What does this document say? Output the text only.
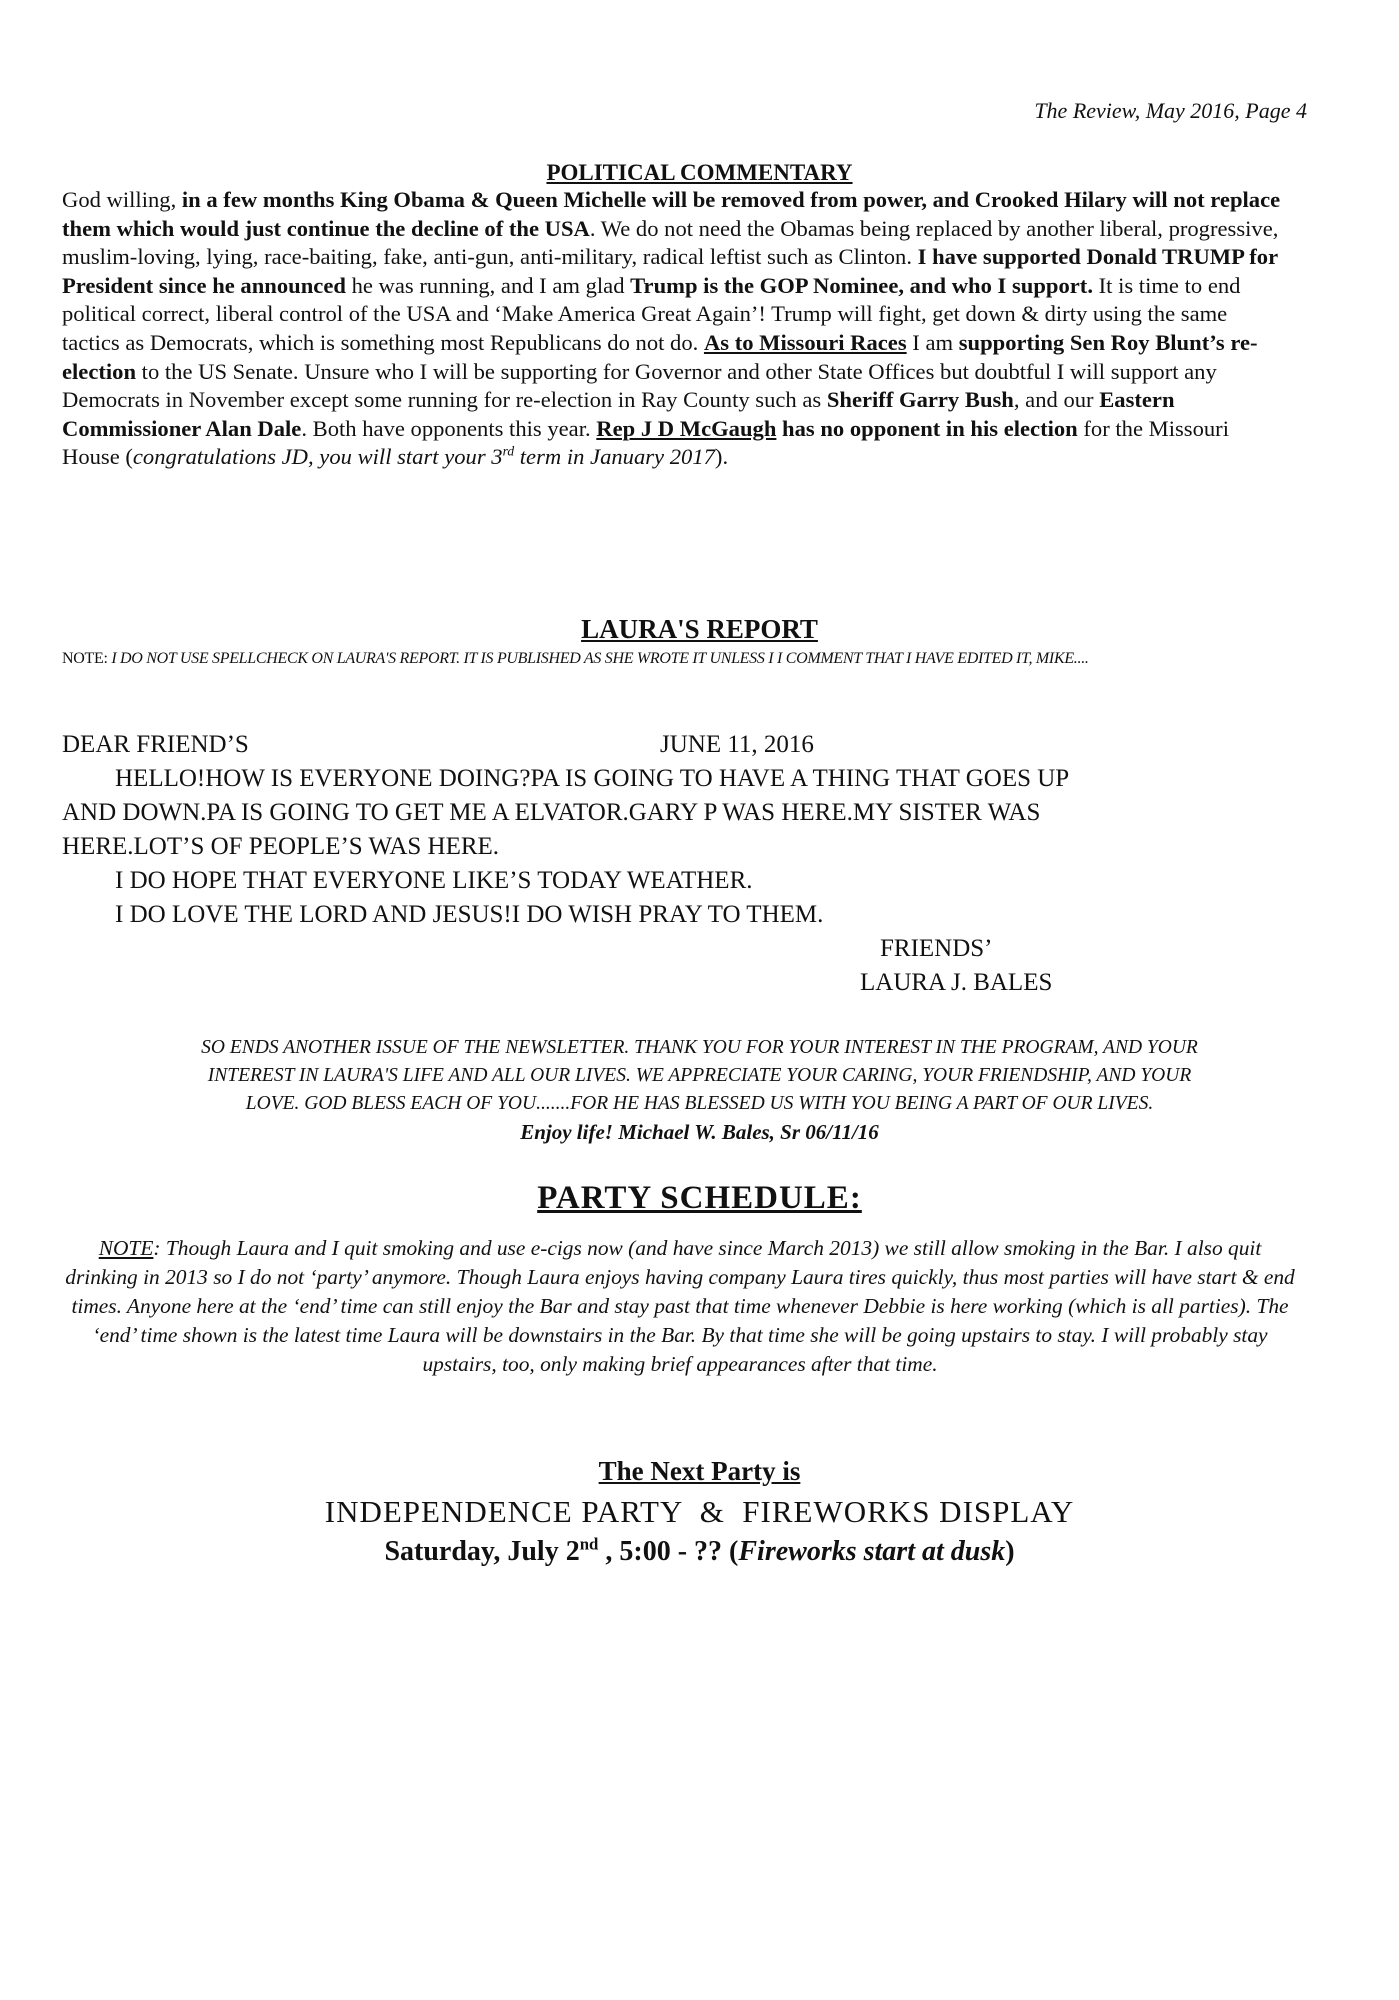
The Review, May 2016, Page 4
POLITICAL COMMENTARY
God willing, in a few months King Obama & Queen Michelle will be removed from power, and Crooked Hilary will not replace them which would just continue the decline of the USA. We do not need the Obamas being replaced by another liberal, progressive, muslim-loving, lying, race-baiting, fake, anti-gun, anti-military, radical leftist such as Clinton. I have supported Donald TRUMP for President since he announced he was running, and I am glad Trump is the GOP Nominee, and who I support. It is time to end political correct, liberal control of the USA and ‘Make America Great Again’! Trump will fight, get down & dirty using the same tactics as Democrats, which is something most Republicans do not do. As to Missouri Races I am supporting Sen Roy Blunt’s re-election to the US Senate. Unsure who I will be supporting for Governor and other State Offices but doubtful I will support any Democrats in November except some running for re-election in Ray County such as Sheriff Garry Bush, and our Eastern Commissioner Alan Dale. Both have opponents this year. Rep J D McGaugh has no opponent in his election for the Missouri House (congratulations JD, you will start your 3rd term in January 2017).
LAURA'S REPORT
NOTE: I DO NOT USE SPELLCHECK ON LAURA'S REPORT. IT IS PUBLISHED AS SHE WROTE IT UNLESS I I COMMENT THAT I HAVE EDITED IT, MIKE....
DEAR FRIEND’S	JUNE 11, 2016
HELLO!HOW IS EVERYONE DOING?PA IS GOING TO HAVE A THING THAT GOES UP
AND DOWN.PA IS GOING TO GET ME A ELVATOR.GARY P WAS HERE.MY SISTER WAS
HERE.LOT’S OF PEOPLE’S WAS HERE.
I DO HOPE THAT EVERYONE LIKE’S TODAY WEATHER.
I DO LOVE THE LORD AND JESUS!I DO WISH PRAY TO THEM.
FRIENDS’
LAURA J. BALES
SO ENDS ANOTHER ISSUE OF THE NEWSLETTER. THANK YOU FOR YOUR INTEREST IN THE PROGRAM, AND YOUR
INTEREST IN LAURA'S LIFE AND ALL OUR LIVES. WE APPRECIATE YOUR CARING, YOUR FRIENDSHIP, AND YOUR
LOVE. GOD BLESS EACH OF YOU.......FOR HE HAS BLESSED US WITH YOU BEING A PART OF OUR LIVES.
Enjoy life! Michael W. Bales, Sr 06/11/16
PARTY SCHEDULE:
NOTE: Though Laura and I quit smoking and use e-cigs now (and have since March 2013) we still allow smoking in the Bar. I also quit drinking in 2013 so I do not ‘party’ anymore. Though Laura enjoys having company Laura tires quickly, thus most parties will have start & end times. Anyone here at the ‘end’ time can still enjoy the Bar and stay past that time whenever Debbie is here working (which is all parties). The ‘end’ time shown is the latest time Laura will be downstairs in the Bar. By that time she will be going upstairs to stay. I will probably stay upstairs, too, only making brief appearances after that time.
The Next Party is
INDEPENDENCE PARTY  &  FIREWORKS DISPLAY
Saturday, July 2nd , 5:00 - ?? (Fireworks start at dusk)
